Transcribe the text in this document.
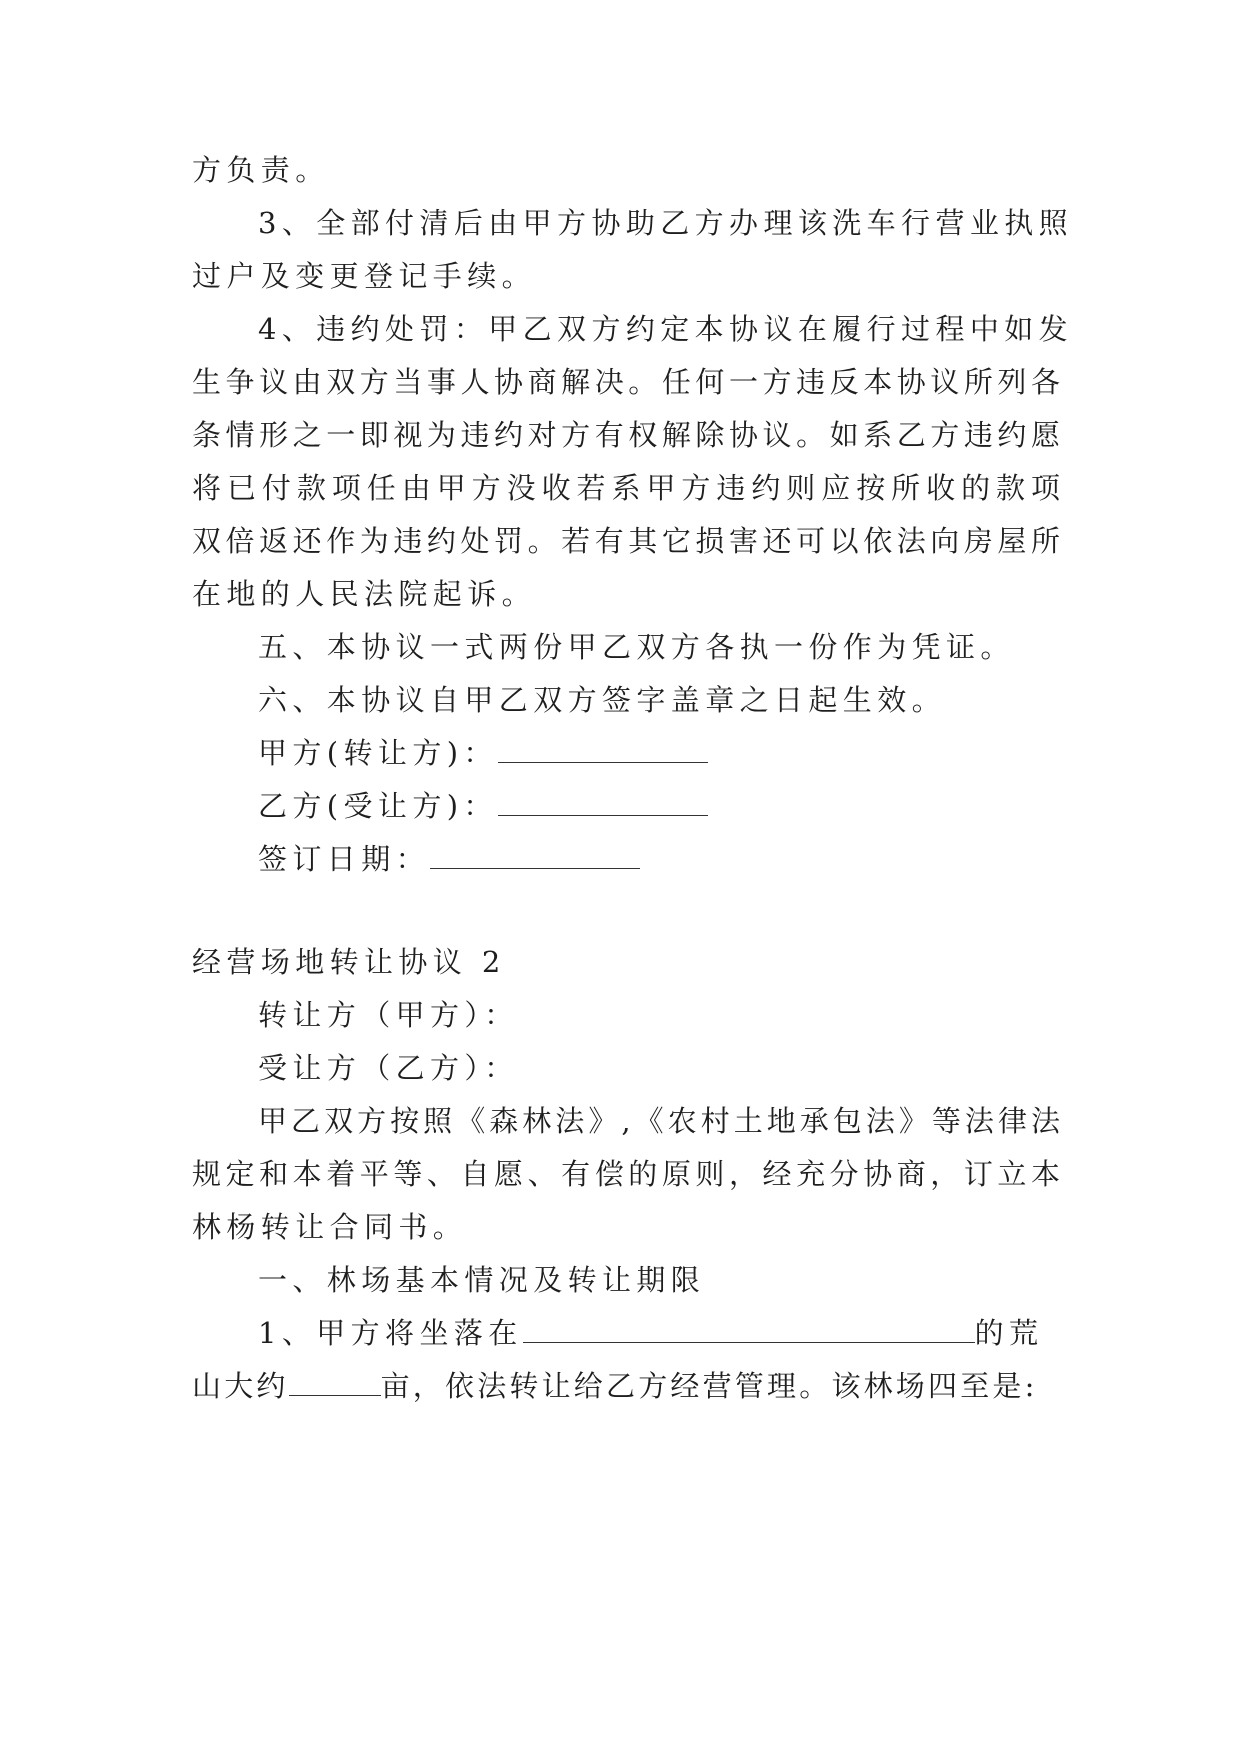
方负责。
3、全部付清后由甲方协助乙方办理该洗车行营业执照
过户及变更登记手续。
4、违约处罚：甲乙双方约定本协议在履行过程中如发
生争议由双方当事人协商解决。任何一方违反本协议所列各
条情形之一即视为违约对方有权解除协议。如系乙方违约愿
将已付款项任由甲方没收若系甲方违约则应按所收的款项
双倍返还作为违约处罚。若有其它损害还可以依法向房屋所
在地的人民法院起诉。
五、本协议一式两份甲乙双方各执一份作为凭证。
六、本协议自甲乙双方签字盖章之日起生效。
甲方(转让方)：
乙方(受让方)：
签订日期：
经营场地转让协议 2
转让方（甲方）：
受让方（乙方）：
甲乙双方按照《森林法》,《农村土地承包法》等法律法
规定和本着平等、自愿、有偿的原则，经充分协商，订立本
林杨转让合同书。
一、林场基本情况及转让期限
1、甲方将坐落在	的荒
山大约	亩，依法转让给乙方经营管理。该林场四至是:
